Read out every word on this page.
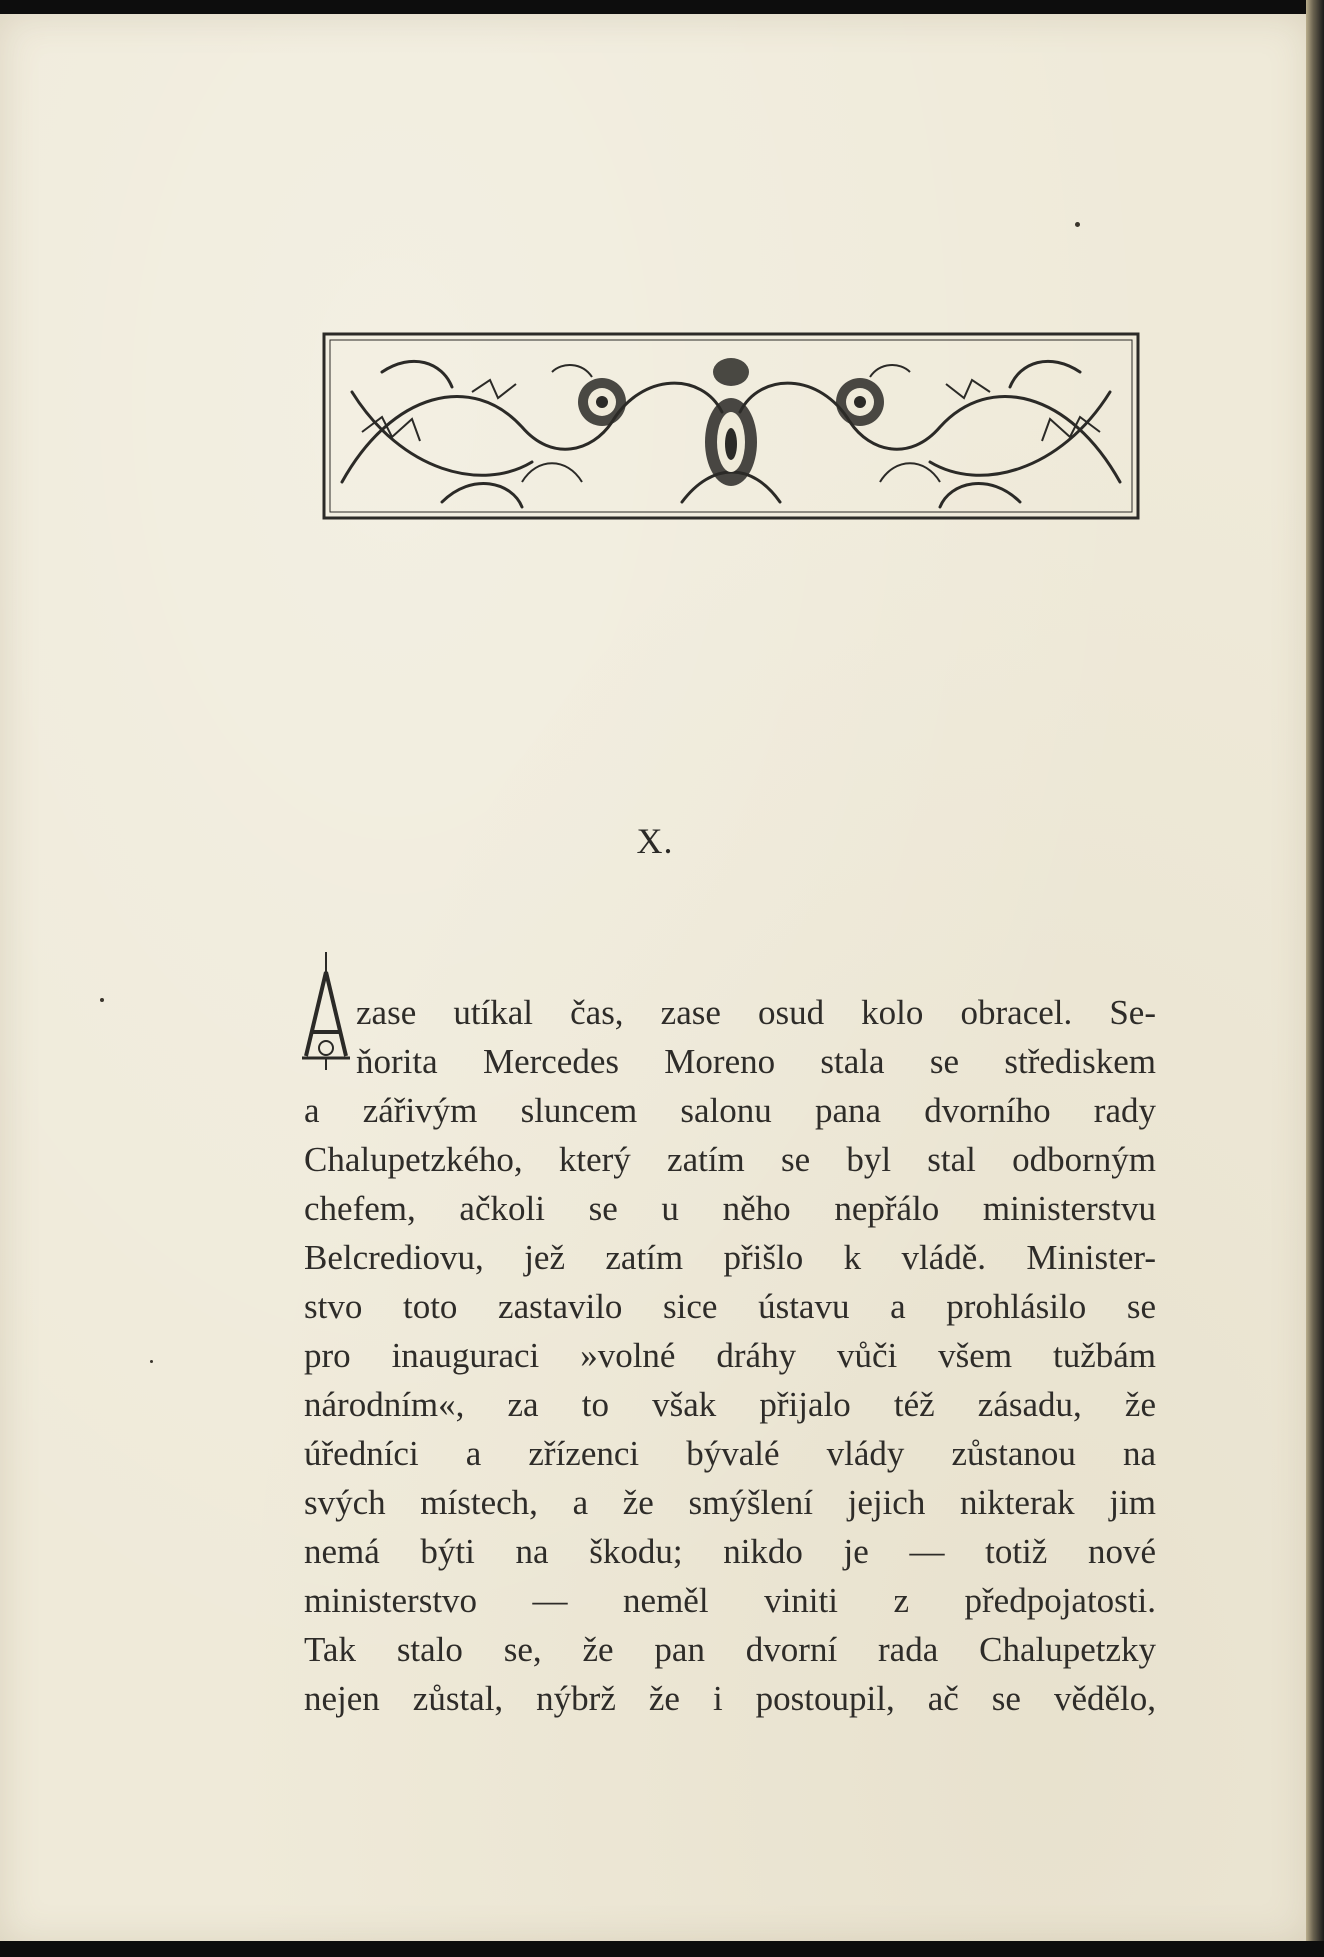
X.
zase utíkal čas, zase osud kolo obracel. Se-
ňorita Mercedes Moreno stala se střediskem
a zářivým sluncem salonu pana dvorního rady
Chalupetzkého, který zatím se byl stal odborným
chefem, ačkoli se u něho nepřálo ministerstvu
Belcrediovu, jež zatím přišlo k vládě. Minister-
stvo toto zastavilo sice ústavu a prohlásilo se
pro inauguraci »volné dráhy vůči všem tužbám
národním«, za to však přijalo též zásadu, že
úředníci a zřízenci bývalé vlády zůstanou na
svých místech, a že smýšlení jejich nikterak jim
nemá býti na škodu; nikdo je — totiž nové
ministerstvo — neměl viniti z předpojatosti.
Tak stalo se, že pan dvorní rada Chalupetzky
nejen zůstal, nýbrž že i postoupil, ač se vědělo,
